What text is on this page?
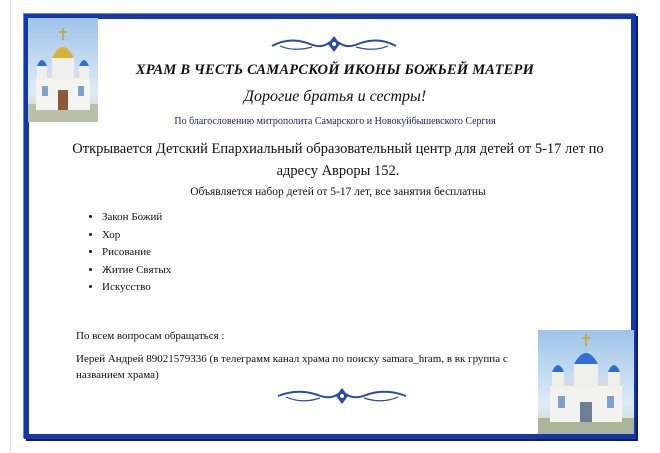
ХРАМ В ЧЕСТЬ САМАРСКОЙ ИКОНЫ БОЖЬЕЙ МАТЕРИ
Дорогие братья и сестры!
По благословению митрополита Самарского и Новокуйбышевского Сергия
Открывается Детский Епархиальный образовательный центр для детей от 5-17 лет по адресу Авроры 152.
Объявляется набор детей от 5-17 лет, все занятия бесплатны
• Закон Божий
• Хор
• Рисование
• Житие Святых
• Искусство
По всем вопросам обращаться :
Иерей Андрей 89021579336 (в телеграмм канал храма по поиску samara_hram, в вк группа с названием храма)
